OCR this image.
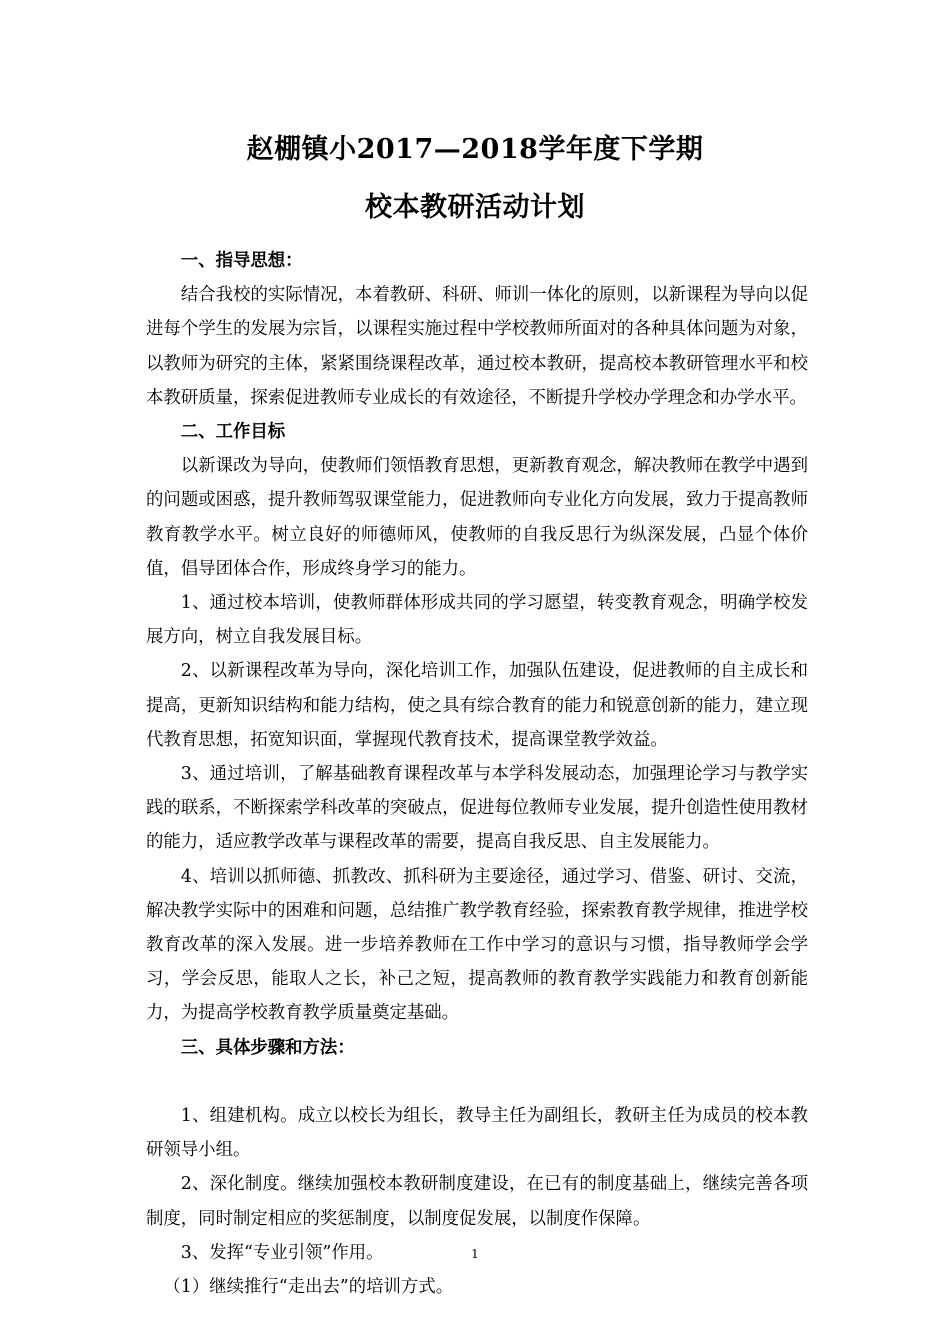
赵棚镇小2017—2018学年度下学期
校本教研活动计划

一、指导思想：

结合我校的实际情况，本着教研、科研、师训一体化的原则，以新课程为导向以促进每个学生的发展为宗旨，以课程实施过程中学校教师所面对的各种具体问题为对象，以教师为研究的主体，紧紧围绕课程改革，通过校本教研，提高校本教研管理水平和校本教研质量，探索促进教师专业成长的有效途径，不断提升学校办学理念和办学水平。

二、工作目标

以新课改为导向，使教师们领悟教育思想，更新教育观念，解决教师在教学中遇到的问题或困惑，提升教师驾驭课堂能力，促进教师向专业化方向发展，致力于提高教师教育教学水平。树立良好的师德师风，使教师的自我反思行为纵深发展，凸显个体价值，倡导团体合作，形成终身学习的能力。

1、通过校本培训，使教师群体形成共同的学习愿望，转变教育观念，明确学校发展方向，树立自我发展目标。

2、以新课程改革为导向，深化培训工作，加强队伍建设，促进教师的自主成长和提高，更新知识结构和能力结构，使之具有综合教育的能力和锐意创新的能力，建立现代教育思想，拓宽知识面，掌握现代教育技术，提高课堂教学效益。

3、通过培训，了解基础教育课程改革与本学科发展动态，加强理论学习与教学实践的联系，不断探索学科改革的突破点，促进每位教师专业发展，提升创造性使用教材的能力，适应教学改革与课程改革的需要，提高自我反思、自主发展能力。

4、培训以抓师德、抓教改、抓科研为主要途径，通过学习、借鉴、研讨、交流，解决教学实际中的困难和问题，总结推广教学教育经验，探索教育教学规律，推进学校教育改革的深入发展。进一步培养教师在工作中学习的意识与习惯，指导教师学会学习，学会反思，能取人之长，补己之短，提高教师的教育教学实践能力和教育创新能力，为提高学校教育教学质量奠定基础。

三、具体步骤和方法：

1、组建机构。成立以校长为组长，教导主任为副组长，教研主任为成员的校本教研领导小组。

2、深化制度。继续加强校本教研制度建设，在已有的制度基础上，继续完善各项制度，同时制定相应的奖惩制度，以制度促发展，以制度作保障。

3、发挥“专业引领”作用。

（1）继续推行“走出去”的培训方式。

1
